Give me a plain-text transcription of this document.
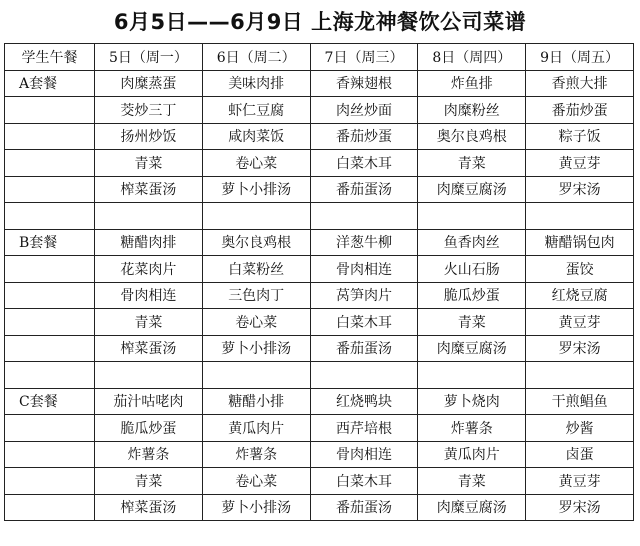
6月5日——6月9日 上海龙神餐饮公司菜谱
学生午餐	5日（周一）	6日（周二）	7日（周三）	8日（周四）	9日（周五）
A套餐	肉糜蒸蛋	美味肉排	香辣翅根	炸鱼排	香煎大排
	茭炒三丁	虾仁豆腐	肉丝炒面	肉糜粉丝	番茄炒蛋
	扬州炒饭	咸肉菜饭	番茄炒蛋	奥尔良鸡根	粽子饭
	青菜	卷心菜	白菜木耳	青菜	黄豆芽
	榨菜蛋汤	萝卜小排汤	番茄蛋汤	肉糜豆腐汤	罗宋汤

B套餐	糖醋肉排	奥尔良鸡根	洋葱牛柳	鱼香肉丝	糖醋锅包肉
	花菜肉片	白菜粉丝	骨肉相连	火山石肠	蛋饺
	骨肉相连	三色肉丁	莴笋肉片	脆瓜炒蛋	红烧豆腐
	青菜	卷心菜	白菜木耳	青菜	黄豆芽
	榨菜蛋汤	萝卜小排汤	番茄蛋汤	肉糜豆腐汤	罗宋汤

C套餐	茄汁咕咾肉	糖醋小排	红烧鸭块	萝卜烧肉	干煎鲳鱼
	脆瓜炒蛋	黄瓜肉片	西芹培根	炸薯条	炒酱
	炸薯条	炸薯条	骨肉相连	黄瓜肉片	卤蛋
	青菜	卷心菜	白菜木耳	青菜	黄豆芽
	榨菜蛋汤	萝卜小排汤	番茄蛋汤	肉糜豆腐汤	罗宋汤
